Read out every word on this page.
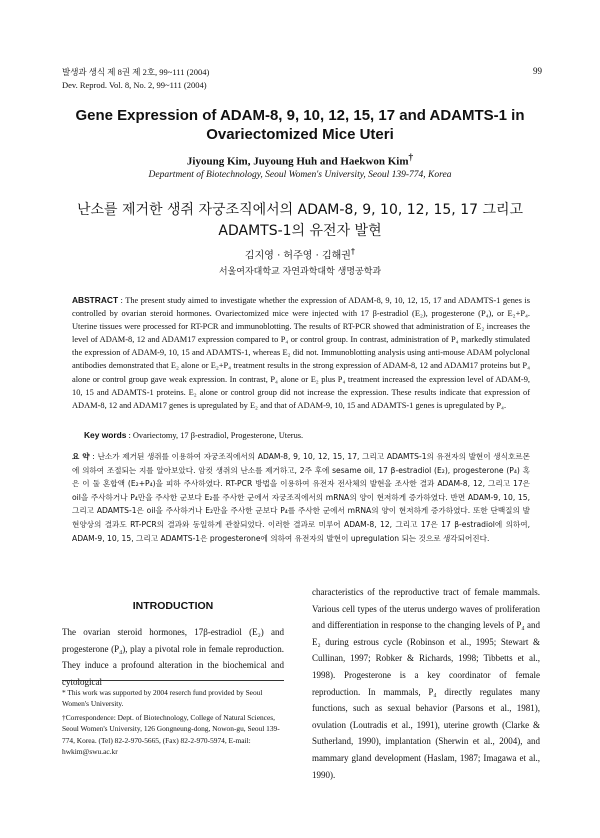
발생과 생식 제 8권 제 2호, 99~111 (2004)
Dev. Reprod. Vol. 8, No. 2, 99~111 (2004)
99
Gene Expression of ADAM-8, 9, 10, 12, 15, 17 and ADAMTS-1 in Ovariectomized Mice Uteri
Jiyoung Kim, Juyoung Huh and Haekwon Kim†
Department of Biotechnology, Seoul Women's University, Seoul 139-774, Korea
난소를 제거한 생쥐 자궁조직에서의 ADAM-8, 9, 10, 12, 15, 17 그리고
ADAMTS-1의 유전자 발현
김지영 · 허주영 · 김해권†
서울여자대학교 자연과학대학 생명공학과
ABSTRACT : The present study aimed to investigate whether the expression of ADAM-8, 9, 10, 12, 15, 17 and ADAMTS-1 genes is controlled by ovarian steroid hormones. Ovariectomized mice were injected with 17 β-estradiol (E₂), progesterone (P₄), or E₂+P₄. Uterine tissues were processed for RT-PCR and immunoblotting. The results of RT-PCR showed that administration of E₂ increases the level of ADAM-8, 12 and ADAM17 expression compared to P₄ or control group. In contrast, administration of P₄ markedly stimulated the expression of ADAM-9, 10, 15 and ADAMTS-1, whereas E₂ did not. Immunoblotting analysis using anti-mouse ADAM polyclonal antibodies demonstrated that E₂ alone or E₂+P₄ treatment results in the strong expression of ADAM-8, 12 and ADAM17 proteins but P₄ alone or control group gave weak expression. In contrast, P₄ alone or E₂ plus P₄ treatment increased the expression level of ADAM-9, 10, 15 and ADAMTS-1 proteins. E₂ alone or control group did not increase the expression. These results indicate that expression of ADAM-8, 12 and ADAM17 genes is upregulated by E₂ and that of ADAM-9, 10, 15 and ADAMTS-1 genes is upregulated by P₄.
Key words : Ovariectomy, 17 β-estradiol, Progesterone, Uterus.
요 약 : 난소가 제거된 생쥐를 이용하여 자궁조직에서의 ADAM-8, 9, 10, 12, 15, 17, 그리고 ADAMTS-1의 유전자의 발현이 생식호르몬에 의하여 조절되는 지를 알아보았다. 암컷 생쥐의 난소를 제거하고, 2주 후에 sesame oil, 17 β-estradiol (E₂), progesterone (P₄) 혹은 이 둘 혼합액 (E₂+P₄)을 피하 주사하였다. RT-PCR 방법을 이용하여 유전자 전사체의 발현을 조사한 결과 ADAM-8, 12, 그리고 17은 oil을 주사하거나 P₄만을 주사한 군보다 E₂를 주사한 군에서 자궁조직에서의 mRNA의 양이 현저하게 증가하였다. 반면 ADAM-9, 10, 15, 그리고 ADAMTS-1은 oil을 주사하거나 E₂만을 주사한 군보다 P₄를 주사한 군에서 mRNA의 양이 현저하게 증가하였다. 또한 단백질의 발현양상의 결과도 RT-PCR의 결과와 동일하게 관찰되었다. 이러한 결과로 미루어 ADAM-8, 12, 그리고 17은 17 β-estradiol에 의하여, ADAM-9, 10, 15, 그리고 ADAMTS-1은 progesterone에 의하여 유전자의 발현이 upregulation 되는 것으로 생각되어진다.
INTRODUCTION
The ovarian steroid hormones, 17β-estradiol (E₂) and progesterone (P₄), play a pivotal role in female reproduction. They induce a profound alteration in the biochemical and cytological
* This work was supported by 2004 reserch fund provided by Seoul Women's University.
†Correspondence: Dept. of Biotechnology, College of Natural Sciences, Seoul Women's University, 126 Gongneung-dong, Nowon-gu, Seoul 139-774, Korea. (Tel) 82-2-970-5665, (Fax) 82-2-970-5974, E-mail: hwkim@swu.ac.kr
characteristics of the reproductive tract of female mammals. Various cell types of the uterus undergo waves of proliferation and differentiation in response to the changing levels of P₄ and E₂ during estrous cycle (Robinson et al., 1995; Stewart & Cullinan, 1997; Robker & Richards, 1998; Tibbetts et al., 1998). Progesterone is a key coordinator of female reproduction. In mammals, P₄ directly regulates many functions, such as sexual behavior (Parsons et al., 1981), ovulation (Loutradis et al., 1991), uterine growth (Clarke & Sutherland, 1990), implantation (Sherwin et al., 2004), and mammary gland development (Haslam, 1987; Imagawa et al., 1990).
